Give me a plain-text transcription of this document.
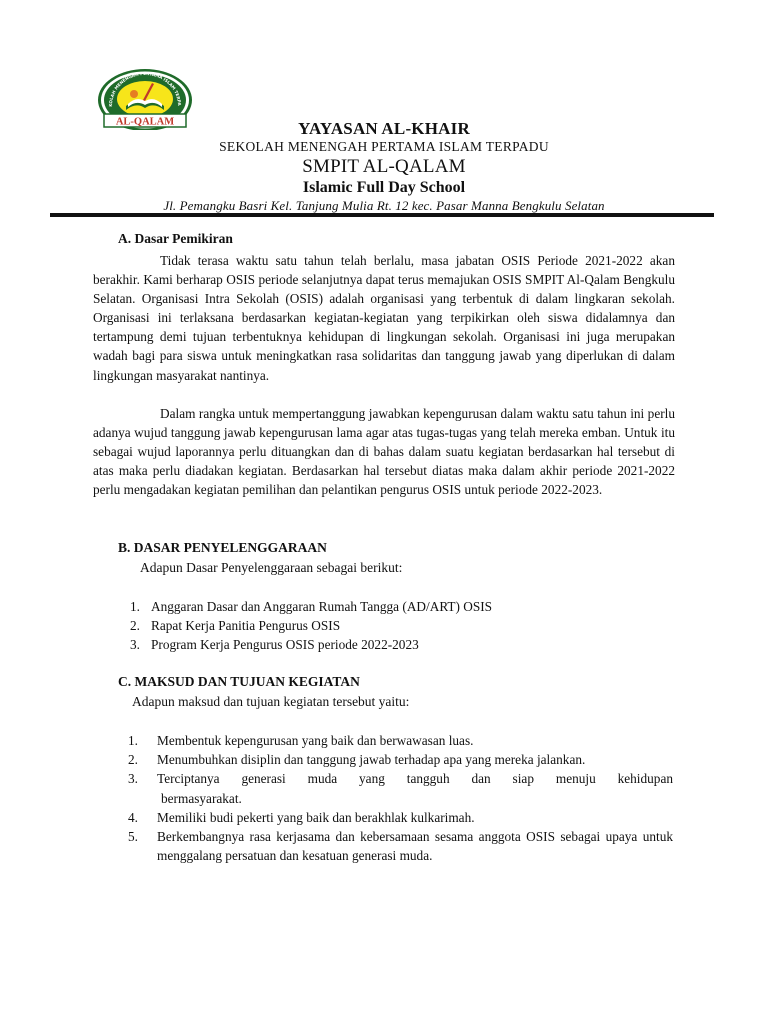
KOLAH MENENGAH PERTAMA ISLAM TERPA
AL-QALAM	YAYASAN AL-KHAIR
SEKOLAH MENENGAH PERTAMA ISLAM TERPADU
SMPIT AL-QALAM
Islamic Full Day School
Jl. Pemangku Basri Kel. Tanjung Mulia Rt. 12 kec. Pasar Manna Bengkulu Selatan
A. Dasar Pemikiran
Tidak terasa waktu satu tahun telah berlalu, masa jabatan OSIS Periode 2021-2022 akan berakhir. Kami berharap OSIS periode selanjutnya dapat terus memajukan OSIS SMPIT Al-Qalam Bengkulu Selatan. Organisasi Intra Sekolah (OSIS) adalah organisasi yang terbentuk di dalam lingkaran sekolah. Organisasi ini terlaksana berdasarkan kegiatan-kegiatan yang terpikirkan oleh siswa didalamnya dan tertampung demi tujuan terbentuknya kehidupan di lingkungan sekolah. Organisasi ini juga merupakan wadah bagi para siswa untuk meningkatkan rasa solidaritas dan tanggung jawab yang diperlukan di dalam lingkungan masyarakat nantinya.
Dalam rangka untuk mempertanggung jawabkan kepengurusan dalam waktu satu tahun ini perlu adanya wujud tanggung jawab kepengurusan lama agar atas tugas-tugas yang telah mereka emban. Untuk itu sebagai wujud laporannya perlu dituangkan dan di bahas dalam suatu kegiatan berdasarkan hal tersebut di atas maka perlu diadakan kegiatan. Berdasarkan hal tersebut diatas maka dalam akhir periode 2021-2022 perlu mengadakan kegiatan pemilihan dan pelantikan pengurus OSIS untuk periode 2022-2023.
B. DASAR PENYELENGGARAAN
Adapun Dasar Penyelenggaraan sebagai berikut:
1. Anggaran Dasar dan Anggaran Rumah Tangga (AD/ART) OSIS
2. Rapat Kerja Panitia Pengurus OSIS
3. Program Kerja Pengurus OSIS periode 2022-2023
C. MAKSUD DAN TUJUAN KEGIATAN
Adapun maksud dan tujuan kegiatan tersebut yaitu:
1.	Membentuk kepengurusan yang baik dan berwawasan luas.
2.	Menumbuhkan disiplin dan tanggung jawab terhadap apa yang mereka jalankan.
3.	Terciptanya generasi muda yang tangguh dan siap menuju kehidupan
bermasyarakat.
4.	Memiliki budi pekerti yang baik dan berakhlak kulkarimah.
5.	Berkembangnya rasa kerjasama dan kebersamaan sesama anggota OSIS sebagai upaya untuk menggalang persatuan dan kesatuan generasi muda.
